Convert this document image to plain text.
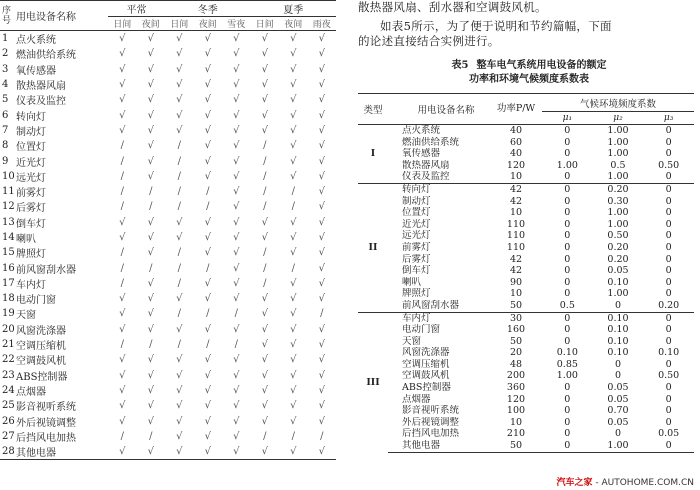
序号	用电设备名称	平常		冬季			夏季		
		日间	夜间	日间	夜间	雪夜	日间	夜间	雨夜
1	点火系统	√	√	√	√	√	√	√	√
2	燃油供给系统	√	√	√	√	√	√	√	√
3	氧传感器	√	√	√	√	√	√	√	√
4	散热器风扇	√	√	√	√	√	√	√	√
5	仪表及监控	√	√	√	√	√	√	√	√
6	转向灯	√	√	√	√	√	√	√	√
7	制动灯	√	√	√	√	√	√	√	√
8	位置灯	/	√	/	√	√	/	√	√
9	近光灯	/	√	/	√	√	/	√	√
10	远光灯	/	√	/	√	√	/	√	√
11	前雾灯	/	/	/	/	√	/	/	√
12	后雾灯	/	/	/	/	√	/	/	√
13	倒车灯	√	√	√	√	√	√	√	√
14	喇叭	√	√	√	√	√	√	√	√
15	牌照灯	/	√	/	√	√	/	√	√
16	前风窗刮水器	/	/	/	/	√	/	/	√
17	车内灯	/	√	/	√	√	/	√	√
18	电动门窗	√	√	√	√	√	√	√	√
19	天窗	√	√	/	/	/	√	√	/
20	风窗洗涤器	√	√	√	√	√	√	√	√
21	空调压缩机	/	/	/	/	/	√	√	√
22	空调鼓风机	√	√	√	√	√	√	√	√
23	ABS控制器	√	√	√	√	√	√	√	√
24	点烟器	√	√	√	√	√	√	√	√
25	影音视听系统	√	√	√	√	√	√	√	√
26	外后视镜调整	√	√	√	√	√	√	√	√
27	后挡风电加热	/	/	√	√	√	/	/	/
28	其他电器	√	√	√	√	√	√	√	√

散热器风扇、刮水器和空调鼓风机。

如表5所示，为了便于说明和节约篇幅，下面

的论述直接结合实例进行。

表5 整车电气系统用电设备的额定
功率和环境气候频度系数表
类型	用电设备名称	功率P/W	气候环境频度系数		
			μ₁	μ₂	μ₃
I	点火系统	40	0	1.00	0
	燃油供给系统	60	0	1.00	0
	氧传感器	40	0	1.00	0
	散热器风扇	120	1.00	0.5	0.50
	仪表及监控	10	0	1.00	0
II	转向灯	42	0	0.20	0
	制动灯	42	0	0.30	0
	位置灯	10	0	1.00	0
	近光灯	110	0	1.00	0
	远光灯	110	0	0.50	0
	前雾灯	110	0	0.20	0
	后雾灯	42	0	0.20	0
	倒车灯	42	0	0.05	0
	喇叭	90	0	0.10	0
	牌照灯	10	0	1.00	0
	前风窗刮水器	50	0.5	0	0.20
III	车内灯	30	0	0.10	0
	电动门窗	160	0	0.10	0
	天窗	50	0	0.10	0
	风窗洗涤器	20	0.10	0.10	0.10
	空调压缩机	48	0.85	0	0
	空调鼓风机	200	1.00	0	0.50
	ABS控制器	360	0	0.05	0
	点烟器	120	0	0.05	0
	影音视听系统	100	0	0.70	0
	外后视镜调整	10	0	0.05	0
	后挡风电加热	210	0	0	0.05
	其他电器	50	0	1.00	0
汽车之家 - AUTOHOME.COM.CN
